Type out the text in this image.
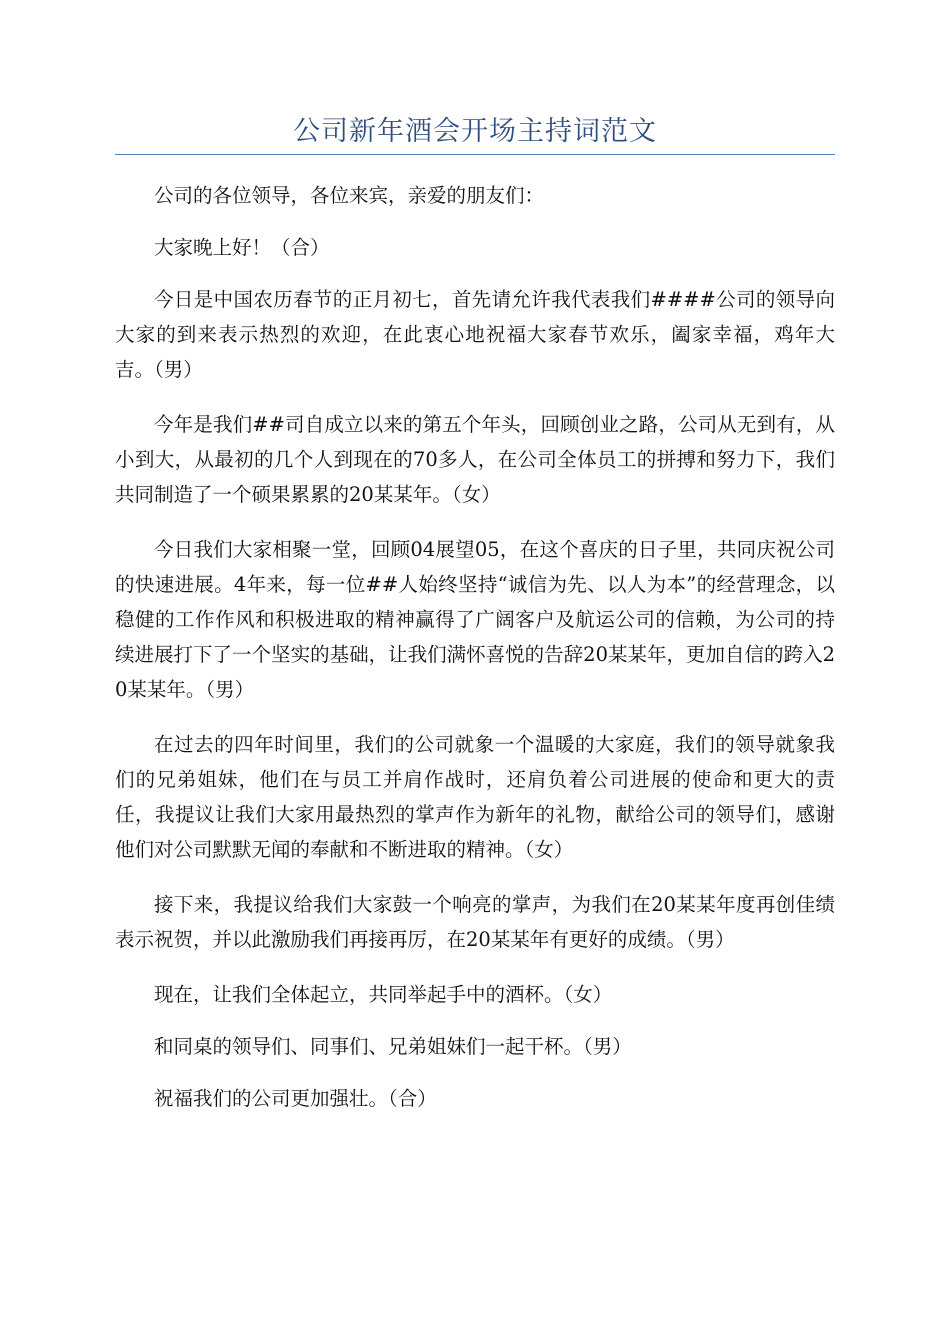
公司新年酒会开场主持词范文

公司的各位领导，各位来宾，亲爱的朋友们：

大家晚上好！（合）

今日是中国农历春节的正月初七，首先请允许我代表我们####公司的领导向大家的到来表示热烈的欢迎，在此衷心地祝福大家春节欢乐，阖家幸福，鸡年大吉。（男）

今年是我们##司自成立以来的第五个年头，回顾创业之路，公司从无到有，从小到大，从最初的几个人到现在的70多人，在公司全体员工的拼搏和努力下，我们共同制造了一个硕果累累的20某某年。（女）

今日我们大家相聚一堂，回顾04展望05，在这个喜庆的日子里，共同庆祝公司的快速进展。4年来，每一位##人始终坚持“诚信为先、以人为本”的经营理念，以稳健的工作作风和积极进取的精神赢得了广阔客户及航运公司的信赖，为公司的持续进展打下了一个坚实的基础，让我们满怀喜悦的告辞20某某年，更加自信的跨入20某某年。（男）

在过去的四年时间里，我们的公司就象一个温暖的大家庭，我们的领导就象我们的兄弟姐妹，他们在与员工并肩作战时，还肩负着公司进展的使命和更大的责任，我提议让我们大家用最热烈的掌声作为新年的礼物，献给公司的领导们，感谢他们对公司默默无闻的奉献和不断进取的精神。（女）

接下来，我提议给我们大家鼓一个响亮的掌声，为我们在20某某年度再创佳绩表示祝贺，并以此激励我们再接再厉，在20某某年有更好的成绩。（男）

现在，让我们全体起立，共同举起手中的酒杯。（女）

和同桌的领导们、同事们、兄弟姐妹们一起干杯。（男）

祝福我们的公司更加强壮。（合）
